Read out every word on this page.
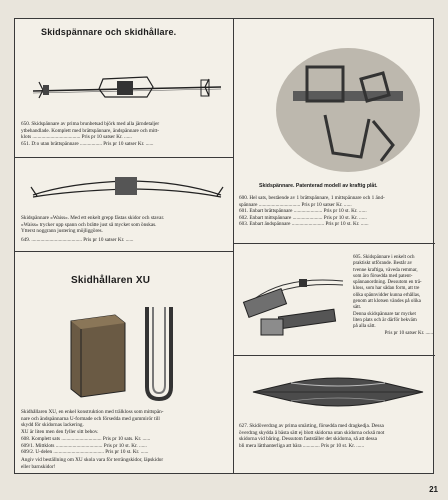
Skidspännare och skidhållare.
650. Skidspännare av prima brunbetsad björk med alla järndetaljer
ytbehandlade. Komplett med brättspännare, ändspännare och mitt-
klots ..................................... Pris pr 10 satser Kr. ......
651. D:o utan brättspännare ................. Pris pr 10 satser Kr. ......
Skidspännare »Waiss». Med ett enkelt grepp fästas skidor och stavar.
»Waiss» trycker upp spann och brätte just så mycket som önskas.
Ytterst noggrann justering möjliggöres.
649. ....................................... Pris pr 10 satser Kr. ......
Skidhållaren XU
Skidhållaren XU, en enkel konstruktion med trälkloss som mittspän-
nare och ändspännarna U-formade och försedda med gummirör till
skydd för skidornas lackering.
XU är liten men den fyller sitt behov.
608. Komplett sats ............................... Pris pr 10 sats. Kr. ......
609/1. Mittklots .................................... Pris pr 10 st. Kr. ......
609/2. U-delen ....................................... Pris pr 10 st. Kr. ......
Angiv vid beställning om XU skola vara för terrängskidor, läpskidor
eller barnskidor!
Skidspännare. Patenterad modell av kraftig plåt.
600. Hel sats, bestående av 1 brättspännare, 1 mittspännare och 1 änd-
spännare ................................ Pris pr 10 satser Kr. ......
601. Enbart brättspännare ...................... Pris pr 10 st. Kr. ......
602. Enbart mittspännare ....................... Pris pr 10 st. Kr. ......
603. Enbart ändspännare ......................... Pris pr 10 st. Kr. ......
605. Skidspännare i enkelt och
praktiskt utförande. Består av
tvenne kraftiga, väveda remmar,
som äro försedda med patent-
spännanordning. Dessutom en trä-
kloss, som har sådan form, att tre
olika spännvidder kunna erhållas,
genom att klotsen vändes på olika
sätt.
Denna skidspännare tar mycket
liten plats och är därför bekväm
på alla sätt.
Pris pr 10 satser Kr. ......
627. Skidöverdrag av prima smärting, försedda med dragkedja. Dessa
överdrag skydda å bästa sätt ej blott skidorna utan skidorna också mot
skidorna vid båring. Dessutom fastställer det skidorna, så att dessa
bli mera lätthanterliga att bära ............. Pris pr 10 st. Kr. ......
21
